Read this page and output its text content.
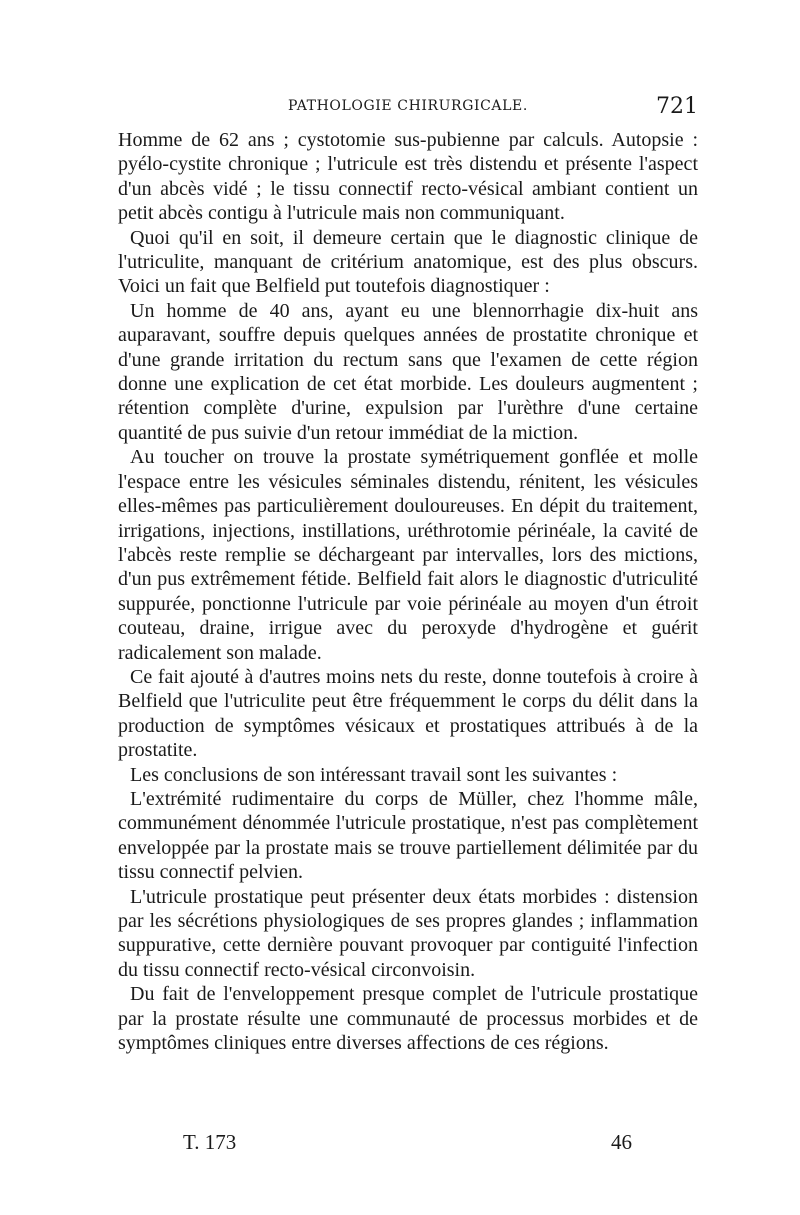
PATHOLOGIE CHIRURGICALE.	721

Homme de 62 ans ; cystotomie sus-pubienne par calculs. Autopsie : pyélo-cystite chronique ; l'utricule est très distendu et présente l'aspect d'un abcès vidé ; le tissu connectif recto-vésical ambiant contient un petit abcès contigu à l'utricule mais non communiquant.

Quoi qu'il en soit, il demeure certain que le diagnostic clinique de l'utriculite, manquant de critérium anatomique, est des plus obscurs. Voici un fait que Belfield put toutefois diagnostiquer :

Un homme de 40 ans, ayant eu une blennorrhagie dix-huit ans auparavant, souffre depuis quelques années de prostatite chronique et d'une grande irritation du rectum sans que l'examen de cette région donne une explication de cet état morbide. Les douleurs augmentent ; rétention complète d'urine, expulsion par l'urèthre d'une certaine quantité de pus suivie d'un retour immédiat de la miction.

Au toucher on trouve la prostate symétriquement gonflée et molle l'espace entre les vésicules séminales distendu, rénitent, les vésicules elles-mêmes pas particulièrement douloureuses. En dépit du traitement, irrigations, injections, instillations, uréthrotomie périnéale, la cavité de l'abcès reste remplie se déchargeant par intervalles, lors des mictions, d'un pus extrêmement fétide. Belfield fait alors le diagnostic d'utriculité suppurée, ponctionne l'utricule par voie périnéale au moyen d'un étroit couteau, draine, irrigue avec du peroxyde d'hydrogène et guérit radicalement son malade.

Ce fait ajouté à d'autres moins nets du reste, donne toutefois à croire à Belfield que l'utriculite peut être fréquemment le corps du délit dans la production de symptômes vésicaux et prostatiques attribués à de la prostatite.

Les conclusions de son intéressant travail sont les suivantes :

L'extrémité rudimentaire du corps de Müller, chez l'homme mâle, communément dénommée l'utricule prostatique, n'est pas complètement enveloppée par la prostate mais se trouve partiellement délimitée par du tissu connectif pelvien.

L'utricule prostatique peut présenter deux états morbides : distension par les sécrétions physiologiques de ses propres glandes ; inflammation suppurative, cette dernière pouvant provoquer par contiguité l'infection du tissu connectif recto-vésical circonvoisin.

Du fait de l'enveloppement presque complet de l'utricule prostatique par la prostate résulte une communauté de processus morbides et de symptômes cliniques entre diverses affections de ces régions.

T. 173	46
